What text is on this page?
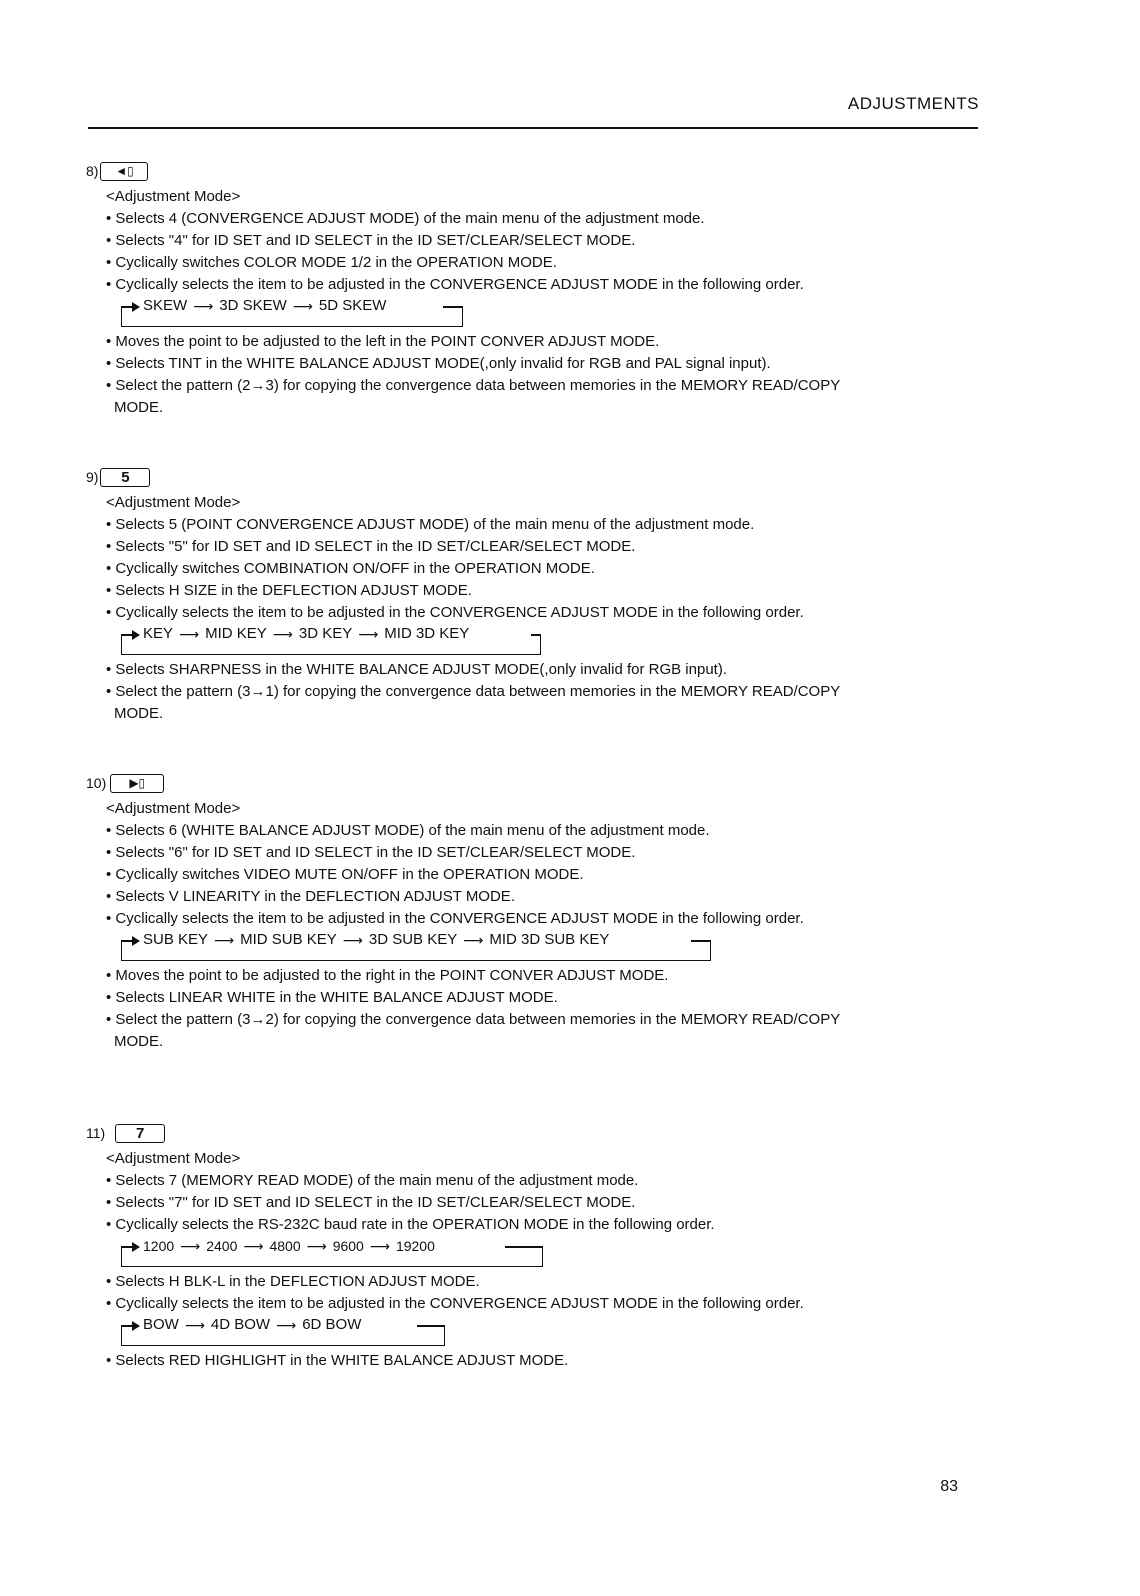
ADJUSTMENTS
8)	◄▯
<Adjustment Mode>
• Selects 4 (CONVERGENCE ADJUST MODE) of the main menu of the adjustment mode.
• Selects "4" for ID SET and ID SELECT in the ID SET/CLEAR/SELECT MODE.
• Cyclically switches COLOR MODE 1/2 in the OPERATION MODE.
• Cyclically selects the item to be adjusted in the CONVERGENCE ADJUST MODE in the following order.
SKEW ⟶ 3D SKEW ⟶ 5D SKEW
• Moves the point to be adjusted to the left in the POINT CONVER ADJUST MODE.
• Selects TINT in the WHITE BALANCE ADJUST MODE(,only invalid for RGB and PAL signal input).
• Select the pattern (2→3) for copying the convergence data between memories in the MEMORY READ/COPY
MODE.
9)	5
<Adjustment Mode>
• Selects 5 (POINT CONVERGENCE ADJUST MODE) of the main menu of the adjustment mode.
• Selects "5" for ID SET and ID SELECT in the ID SET/CLEAR/SELECT MODE.
• Cyclically switches COMBINATION ON/OFF in the OPERATION MODE.
• Selects H SIZE in the DEFLECTION ADJUST MODE.
• Cyclically selects the item to be adjusted in the CONVERGENCE ADJUST MODE in the following order.
KEY ⟶ MID KEY ⟶ 3D KEY ⟶ MID 3D KEY
• Selects SHARPNESS in the WHITE BALANCE ADJUST MODE(,only invalid for RGB input).
• Select the pattern (3→1) for copying the convergence data between memories in the MEMORY READ/COPY
MODE.
10)	▶▯
<Adjustment Mode>
• Selects 6 (WHITE BALANCE ADJUST MODE) of the main menu of the adjustment mode.
• Selects "6" for ID SET and ID SELECT in the ID SET/CLEAR/SELECT MODE.
• Cyclically switches VIDEO MUTE ON/OFF in the OPERATION MODE.
• Selects V LINEARITY in the DEFLECTION ADJUST MODE.
• Cyclically selects the item to be adjusted in the CONVERGENCE ADJUST MODE in the following order.
SUB KEY ⟶ MID SUB KEY ⟶ 3D SUB KEY ⟶ MID 3D SUB KEY
• Moves the point to be adjusted to the right in the POINT CONVER ADJUST MODE.
• Selects LINEAR WHITE in the WHITE BALANCE ADJUST MODE.
• Select the pattern (3→2) for copying the convergence data between memories in the MEMORY READ/COPY
MODE.
11)	7
<Adjustment Mode>
• Selects 7 (MEMORY READ MODE) of the main menu of the adjustment mode.
• Selects "7" for ID SET and ID SELECT in the ID SET/CLEAR/SELECT MODE.
• Cyclically selects the RS-232C baud rate in the OPERATION MODE in the following order.
1200 ⟶ 2400 ⟶ 4800 ⟶ 9600 ⟶ 19200
• Selects H BLK-L in the DEFLECTION ADJUST MODE.
• Cyclically selects the item to be adjusted in the CONVERGENCE ADJUST MODE in the following order.
BOW ⟶ 4D BOW ⟶ 6D BOW
• Selects RED HIGHLIGHT in the WHITE BALANCE ADJUST MODE.
83
